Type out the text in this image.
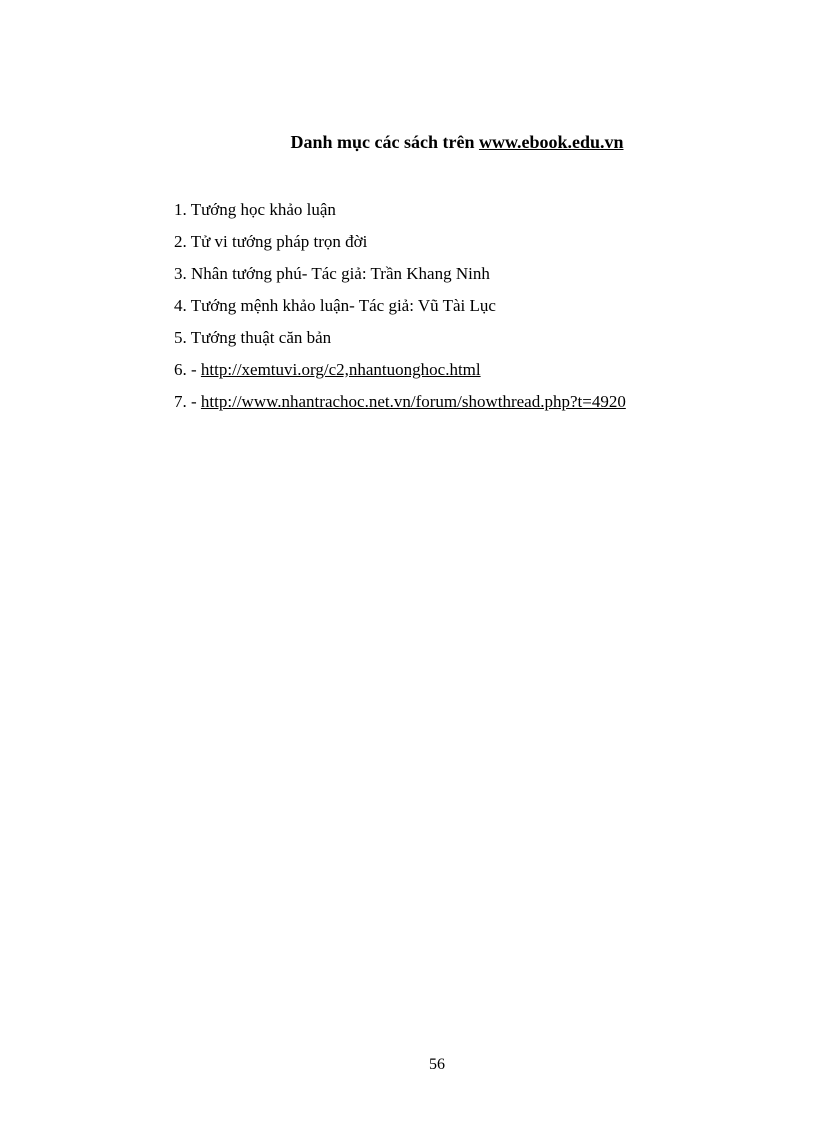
Danh mục các sách trên www.ebook.edu.vn
1. Tướng học khảo luận
2. Tử vi tướng pháp trọn đời
3. Nhân tướng phú- Tác giả: Trần Khang Ninh
4. Tướng mệnh khảo luận- Tác giả: Vũ Tài Lục
5. Tướng thuật căn bản
6. - http://xemtuvi.org/c2,nhantuonghoc.html
7. - http://www.nhantrachoc.net.vn/forum/showthread.php?t=4920
56
